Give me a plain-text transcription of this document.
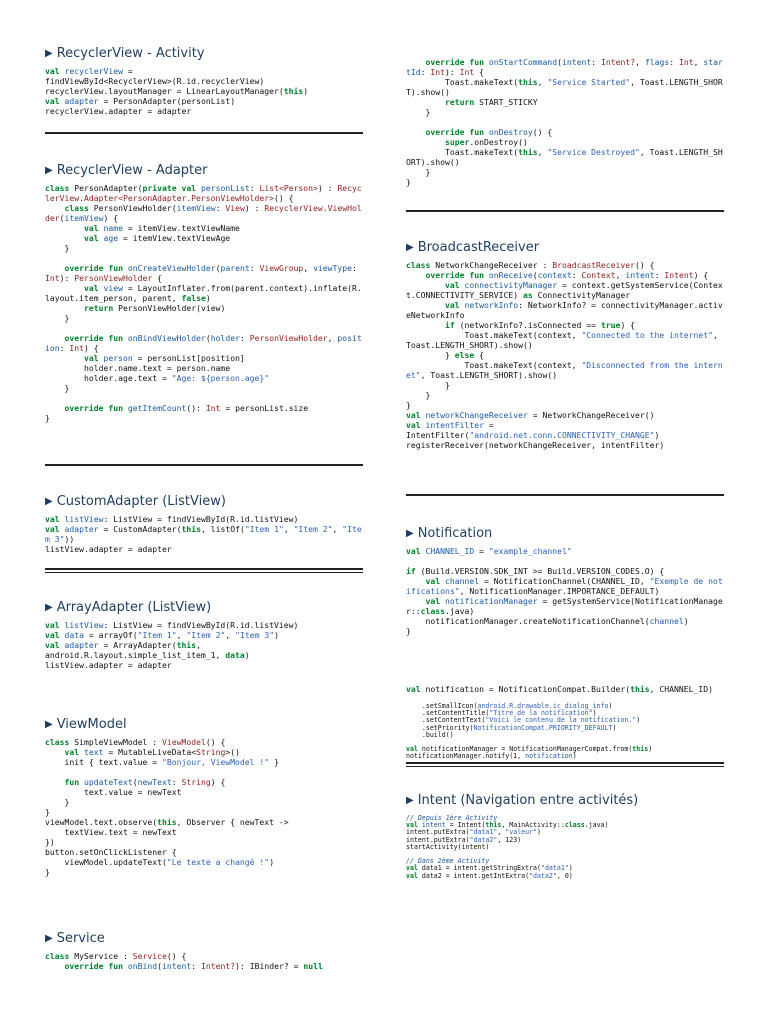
▶ RecyclerView - Activity
val recyclerView =
findViewById<RecyclerView>(R.id.recyclerView)
recyclerView.layoutManager = LinearLayoutManager(this)
val adapter = PersonAdapter(personList)
recyclerView.adapter = adapter
▶ RecyclerView - Adapter
class PersonAdapter(private val personList: List<Person>) : RecyclerView.Adapter<PersonAdapter.PersonViewHolder>() {
class PersonViewHolder(itemView: View) : RecyclerView.ViewHolder(itemView) {
val name = itemView.textViewName
val age = itemView.textViewAge
}

override fun onCreateViewHolder(parent: ViewGroup, viewType: Int): PersonViewHolder {
val view = LayoutInflater.from(parent.context).inflate(R.layout.item_person, parent, false)
return PersonViewHolder(view)
}

override fun onBindViewHolder(holder: PersonViewHolder, position: Int) {
val person = personList[position]
holder.name.text = person.name
holder.age.text = "Age: ${person.age}"
}

override fun getItemCount(): Int = personList.size
}
▶ CustomAdapter (ListView)
val listView: ListView = findViewById(R.id.listView)
val adapter = CustomAdapter(this, listOf("Item 1", "Item 2", "Item 3"))
listView.adapter = adapter
▶ ArrayAdapter (ListView)
val listView: ListView = findViewById(R.id.listView)
val data = arrayOf("Item 1", "Item 2", "Item 3")
val adapter = ArrayAdapter(this,
android.R.layout.simple_list_item_1, data)
listView.adapter = adapter
▶ ViewModel
class SimpleViewModel : ViewModel() {
val text = MutableLiveData<String>()
init { text.value = "Bonjour, ViewModel !" }

fun updateText(newText: String) {
text.value = newText
}
}
viewModel.text.observe(this, Observer { newText ->
textView.text = newText
})
button.setOnClickListener {
viewModel.updateText("Le texte a changé !")
}
▶ Service
class MyService : Service() {
override fun onBind(intent: Intent?): IBinder? = null
override fun onStartCommand(intent: Intent?, flags: Int, startId: Int): Int {
Toast.makeText(this, "Service Started", Toast.LENGTH_SHORT).show()
return START_STICKY
}

override fun onDestroy() {
super.onDestroy()
Toast.makeText(this, "Service Destroyed", Toast.LENGTH_SHORT).show()
}
}
▶ BroadcastReceiver
class NetworkChangeReceiver : BroadcastReceiver() {
override fun onReceive(context: Context, intent: Intent) {
val connectivityManager = context.getSystemService(Context.CONNECTIVITY_SERVICE) as ConnectivityManager
val networkInfo: NetworkInfo? = connectivityManager.activeNetworkInfo
if (networkInfo?.isConnected == true) {
Toast.makeText(context, "Connected to the internet", Toast.LENGTH_SHORT).show()
} else {
Toast.makeText(context, "Disconnected from the internet", Toast.LENGTH_SHORT).show()
}
}
}
val networkChangeReceiver = NetworkChangeReceiver()
val intentFilter =
IntentFilter("android.net.conn.CONNECTIVITY_CHANGE")
registerReceiver(networkChangeReceiver, intentFilter)
▶ Notification
val CHANNEL_ID = "example_channel"

if (Build.VERSION.SDK_INT >= Build.VERSION_CODES.O) {
val channel = NotificationChannel(CHANNEL_ID, "Exemple de notifications", NotificationManager.IMPORTANCE_DEFAULT)
val notificationManager = getSystemService(NotificationManager::class.java)
notificationManager.createNotificationChannel(channel)
}
val notification = NotificationCompat.Builder(this, CHANNEL_ID)
.setSmallIcon(android.R.drawable.ic_dialog_info)
.setContentTitle("Titre de la notification")
.setContentText("Voici le contenu de la notification.")
.setPriority(NotificationCompat.PRIORITY_DEFAULT)
.build()

val notificationManager = NotificationManagerCompat.from(this)
notificationManager.notify(1, notification)
▶ Intent (Navigation entre activités)
// Depuis 1ère Activity
val intent = Intent(this, MainActivity::class.java)
intent.putExtra("data1", "valeur")
intent.putExtra("data2", 123)
startActivity(intent)

// Dans 2ème Activity
val data1 = intent.getStringExtra("data1")
val data2 = intent.getIntExtra("data2", 0)
